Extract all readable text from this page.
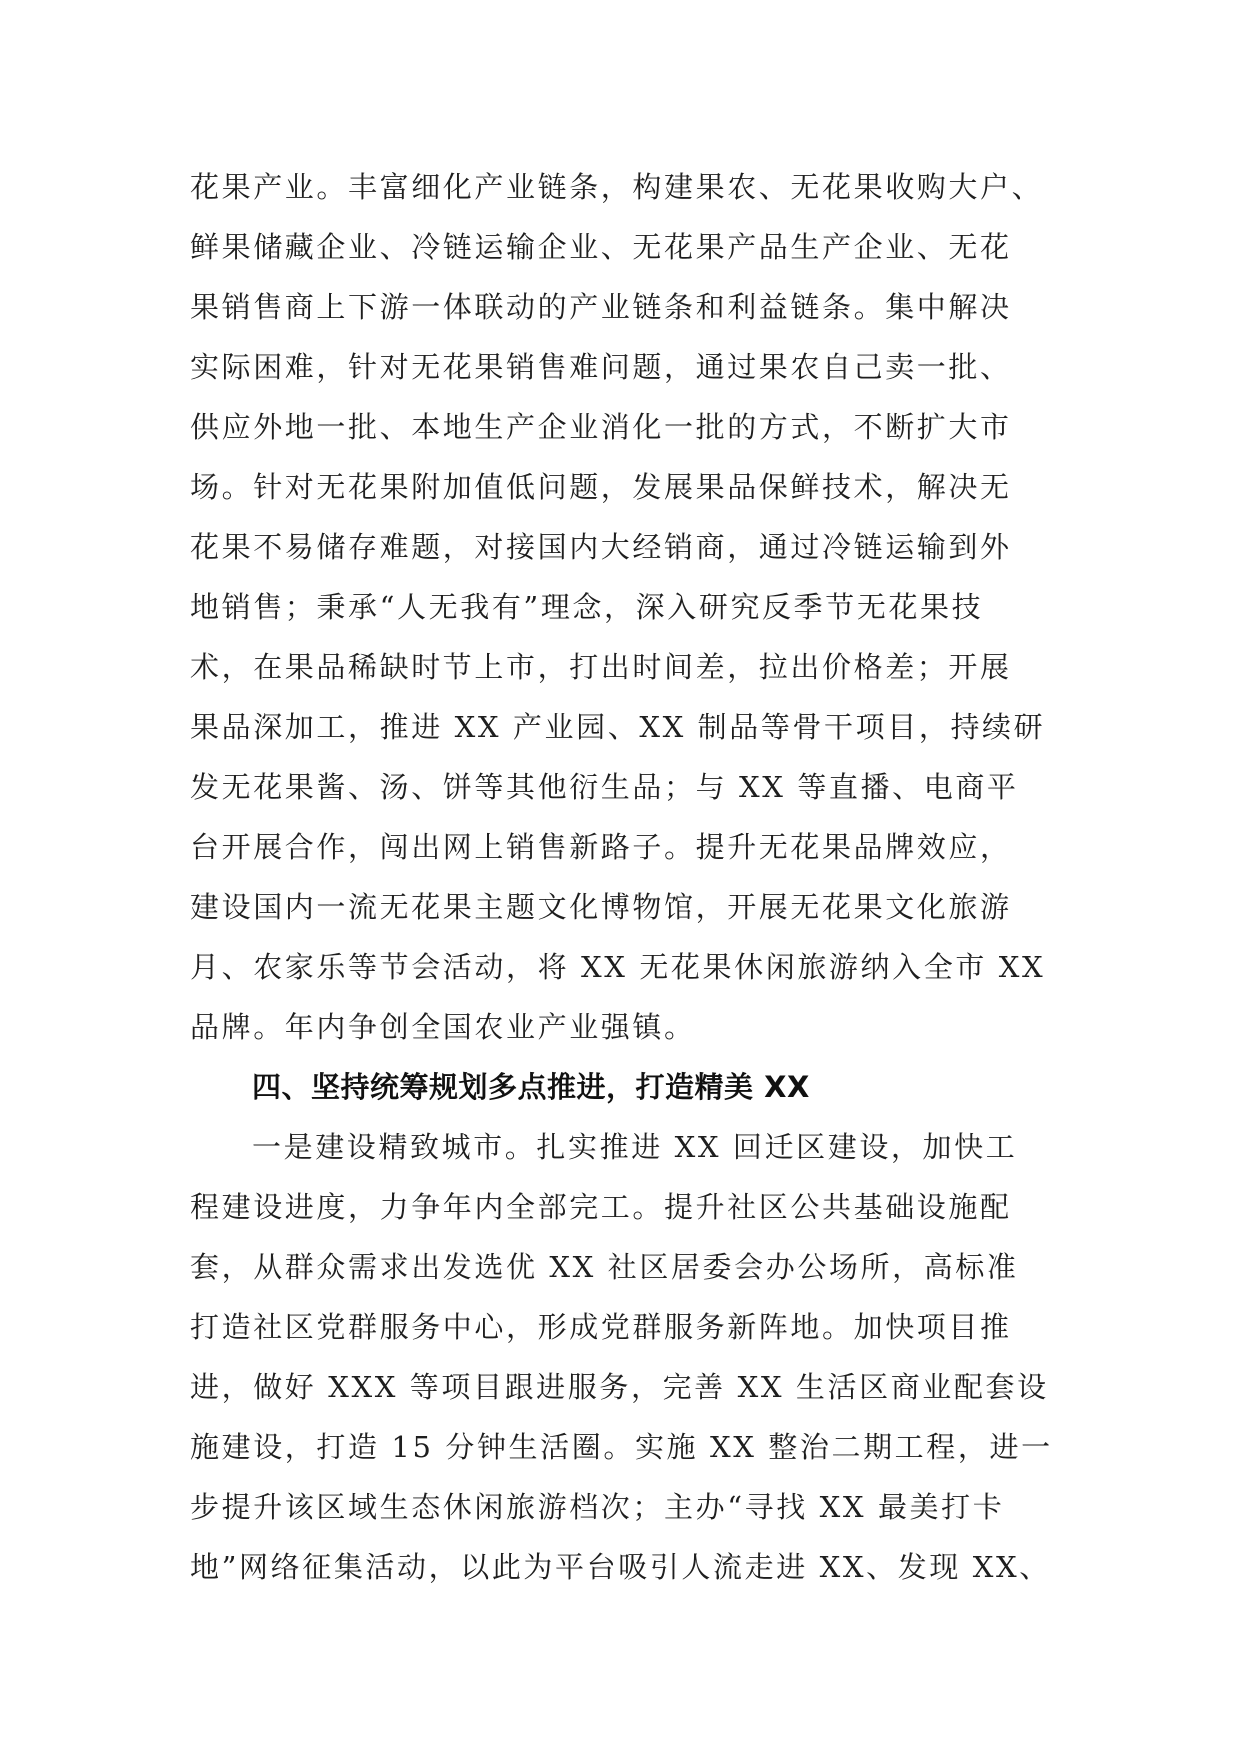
花果产业。丰富细化产业链条，构建果农、无花果收购大户、
鲜果储藏企业、冷链运输企业、无花果产品生产企业、无花
果销售商上下游一体联动的产业链条和利益链条。集中解决
实际困难，针对无花果销售难问题，通过果农自己卖一批、
供应外地一批、本地生产企业消化一批的方式，不断扩大市
场。针对无花果附加值低问题，发展果品保鲜技术，解决无
花果不易储存难题，对接国内大经销商，通过冷链运输到外
地销售；秉承“人无我有”理念，深入研究反季节无花果技
术，在果品稀缺时节上市，打出时间差，拉出价格差；开展
果品深加工，推进 XX 产业园、XX 制品等骨干项目，持续研
发无花果酱、汤、饼等其他衍生品；与 XX 等直播、电商平
台开展合作，闯出网上销售新路子。提升无花果品牌效应，
建设国内一流无花果主题文化博物馆，开展无花果文化旅游
月、农家乐等节会活动，将 XX 无花果休闲旅游纳入全市 XX
品牌。年内争创全国农业产业强镇。
四、坚持统筹规划多点推进，打造精美 XX
一是建设精致城市。扎实推进 XX 回迁区建设，加快工
程建设进度，力争年内全部完工。提升社区公共基础设施配
套，从群众需求出发选优 XX 社区居委会办公场所，高标准
打造社区党群服务中心，形成党群服务新阵地。加快项目推
进，做好 XXX 等项目跟进服务，完善 XX 生活区商业配套设
施建设，打造 15 分钟生活圈。实施 XX 整治二期工程，进一
步提升该区域生态休闲旅游档次；主办“寻找 XX 最美打卡
地”网络征集活动，以此为平台吸引人流走进 XX、发现 XX、
